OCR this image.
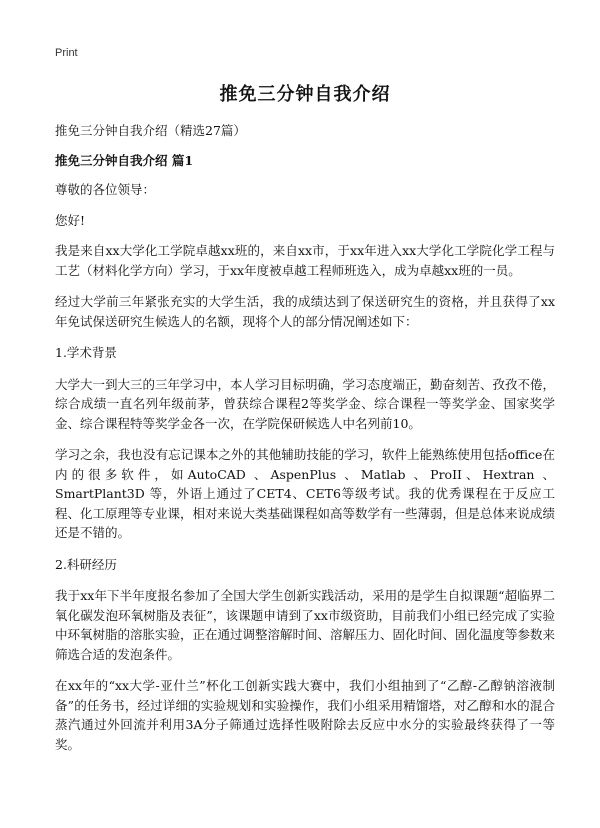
Print
推免三分钟自我介绍
推免三分钟自我介绍（精选27篇）
推免三分钟自我介绍 篇1

尊敬的各位领导：

您好!

我是来自xx大学化工学院卓越xx班的，来自xx市，于xx年进入xx大学化工学院化学工程与工艺（材料化学方向）学习，于xx年度被卓越工程师班选入，成为卓越xx班的一员。

经过大学前三年紧张充实的大学生活，我的成绩达到了保送研究生的资格，并且获得了xx年免试保送研究生候选人的名额，现将个人的部分情况阐述如下：

1.学术背景

大学大一到大三的三年学习中，本人学习目标明确，学习态度端正，勤奋刻苦、孜孜不倦，综合成绩一直名列年级前茅，曾获综合课程2等奖学金、综合课程一等奖学金、国家奖学金、综合课程特等奖学金各一次，在学院保研候选人中名列前10。

学习之余，我也没有忘记课本之外的其他辅助技能的学习，软件上能熟练使用包括office在内的很多软件，如AutoCAD 、AspenPlus 、Matlab 、ProII、Hextran 、SmartPlant3D 等，外语上通过了CET4、CET6等级考试。我的优秀课程在于反应工程、化工原理等专业课，相对来说大类基础课程如高等数学有一些薄弱，但是总体来说成绩还是不错的。

2.科研经历

我于xx年下半年度报名参加了全国大学生创新实践活动，采用的是学生自拟课题“超临界二氧化碳发泡环氧树脂及表征”，该课题申请到了xx市级资助，目前我们小组已经完成了实验中环氧树脂的溶胀实验，正在通过调整溶解时间、溶解压力、固化时间、固化温度等参数来筛选合适的发泡条件。

在xx年的“xx大学-亚什兰”杯化工创新实践大赛中，我们小组抽到了“乙醇-乙醇钠溶液制备”的任务书，经过详细的实验规划和实验操作，我们小组采用精馏塔，对乙醇和水的混合蒸汽通过外回流并利用3A分子筛通过选择性吸附除去反应中水分的实验最终获得了一等奖。
